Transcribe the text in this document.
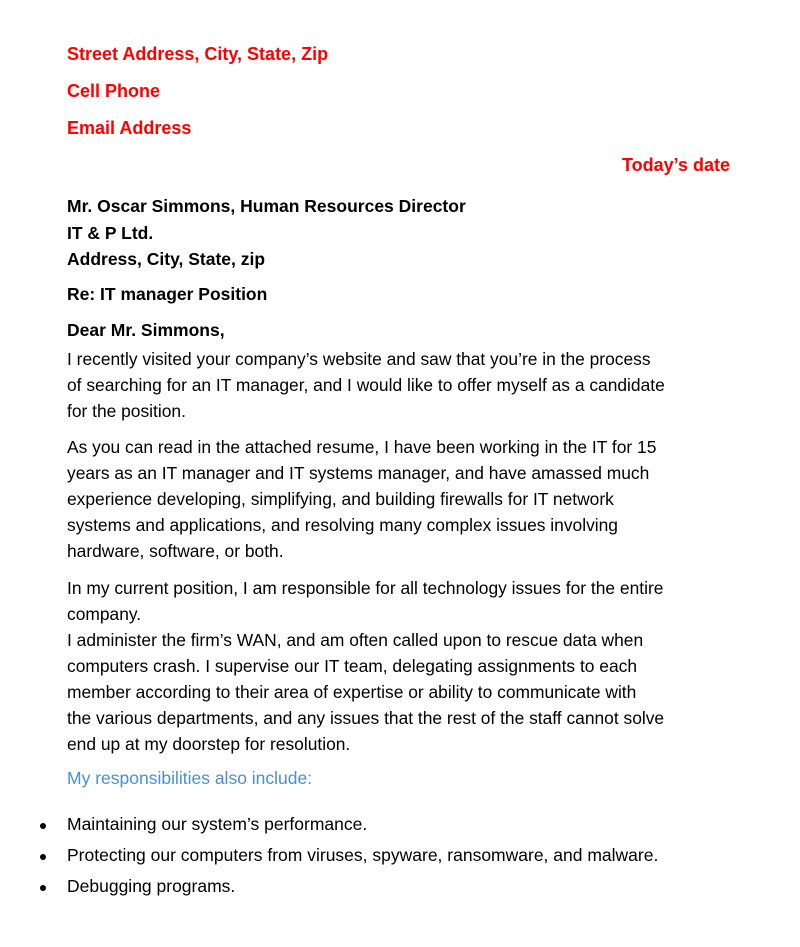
Street Address, City, State, Zip
Cell Phone
Email Address
Today’s date
Mr. Oscar Simmons, Human Resources Director
IT & P Ltd.
Address, City, State, zip
Re: IT manager Position
Dear Mr. Simmons,
I recently visited your company’s website and saw that you’re in the process
of searching for an IT manager, and I would like to offer myself as a candidate
for the position.
As you can read in the attached resume, I have been working in the IT for 15
years as an IT manager and IT systems manager, and have amassed much
experience developing, simplifying, and building firewalls for IT network
systems and applications, and resolving many complex issues involving
hardware, software, or both.
In my current position, I am responsible for all technology issues for the entire
company.
I administer the firm’s WAN, and am often called upon to rescue data when
computers crash. I supervise our IT team, delegating assignments to each
member according to their area of expertise or ability to communicate with
the various departments, and any issues that the rest of the staff cannot solve
end up at my doorstep for resolution.
My responsibilities also include:
Maintaining our system’s performance.
Protecting our computers from viruses, spyware, ransomware, and malware.
Debugging programs.
